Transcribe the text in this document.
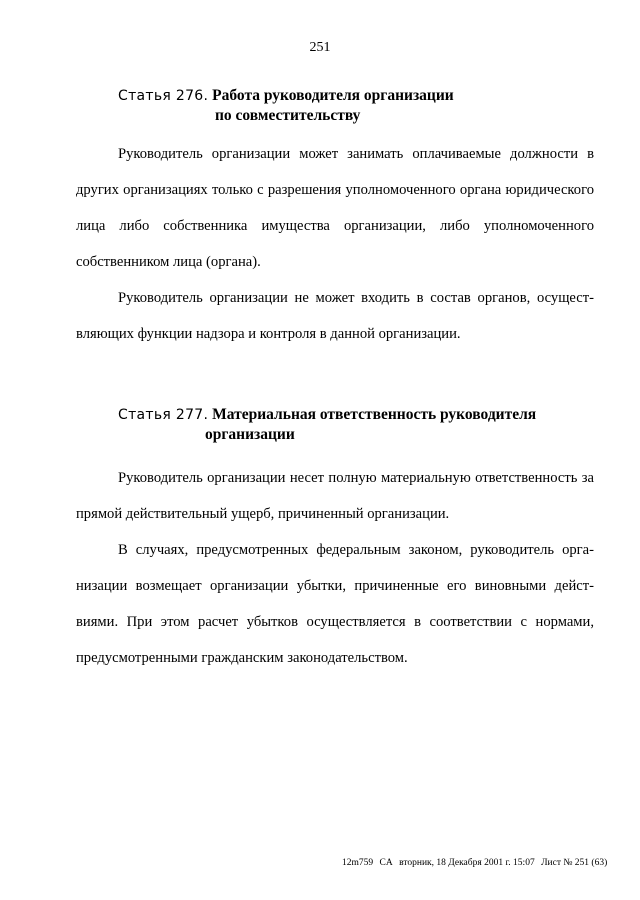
251
Статья 276. Работа руководителя организации
по совместительству

Руководитель организации может занимать оплачиваемые должности в других организациях только с разрешения уполномоченного органа юридического лица либо собственника имущества организации, либо уполномоченного собственником лица (органа).

Руководитель организации не может входить в состав органов, осуществляющих функции надзора и контроля в данной организации.

Статья 277. Материальная ответственность руководителя
организации

Руководитель организации несет полную материальную ответственность за прямой действительный ущерб, причиненный организации.

В случаях, предусмотренных федеральным законом, руководитель организации возмещает организации убытки, причиненные его виновными действиями. При этом расчет убытков осуществляется в соответствии с нормами, предусмотренными гражданским законодательством.

12m759 CA вторник, 18 Декабря 2001 г. 15:07 Лист № 251 (63)
